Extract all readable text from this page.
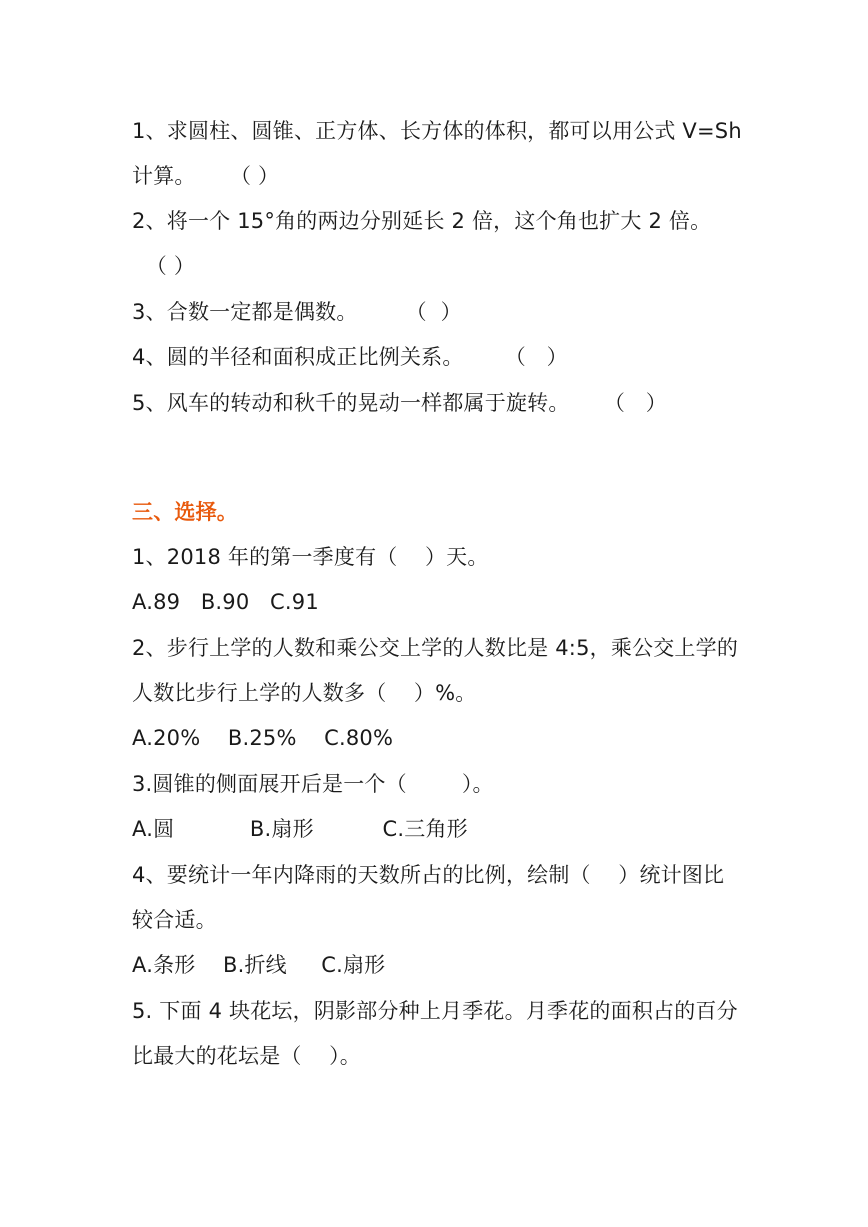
1、求圆柱、圆锥、正方体、长方体的体积，都可以用公式 V=Sh

计算。     （ ）

2、将一个 15°角的两边分别延长 2 倍，这个角也扩大 2 倍。

（ ）

3、合数一定都是偶数。       （  ）

4、圆的半径和面积成正比例关系。      （   ）

5、风车的转动和秋千的晃动一样都属于旋转。     （   ）

三、选择。

1、2018 年的第一季度有（    ）天。

A.89   B.90   C.91

2、步行上学的人数和乘公交上学的人数比是 4:5，乘公交上学的

人数比步行上学的人数多（    ）%。

A.20%    B.25%    C.80%

3.圆锥的侧面展开后是一个（        ）。

A.圆           B.扇形          C.三角形

4、要统计一年内降雨的天数所占的比例，绘制（    ）统计图比

较合适。

A.条形    B.折线     C.扇形

5. 下面 4 块花坛，阴影部分种上月季花。月季花的面积占的百分

比最大的花坛是（    ）。
